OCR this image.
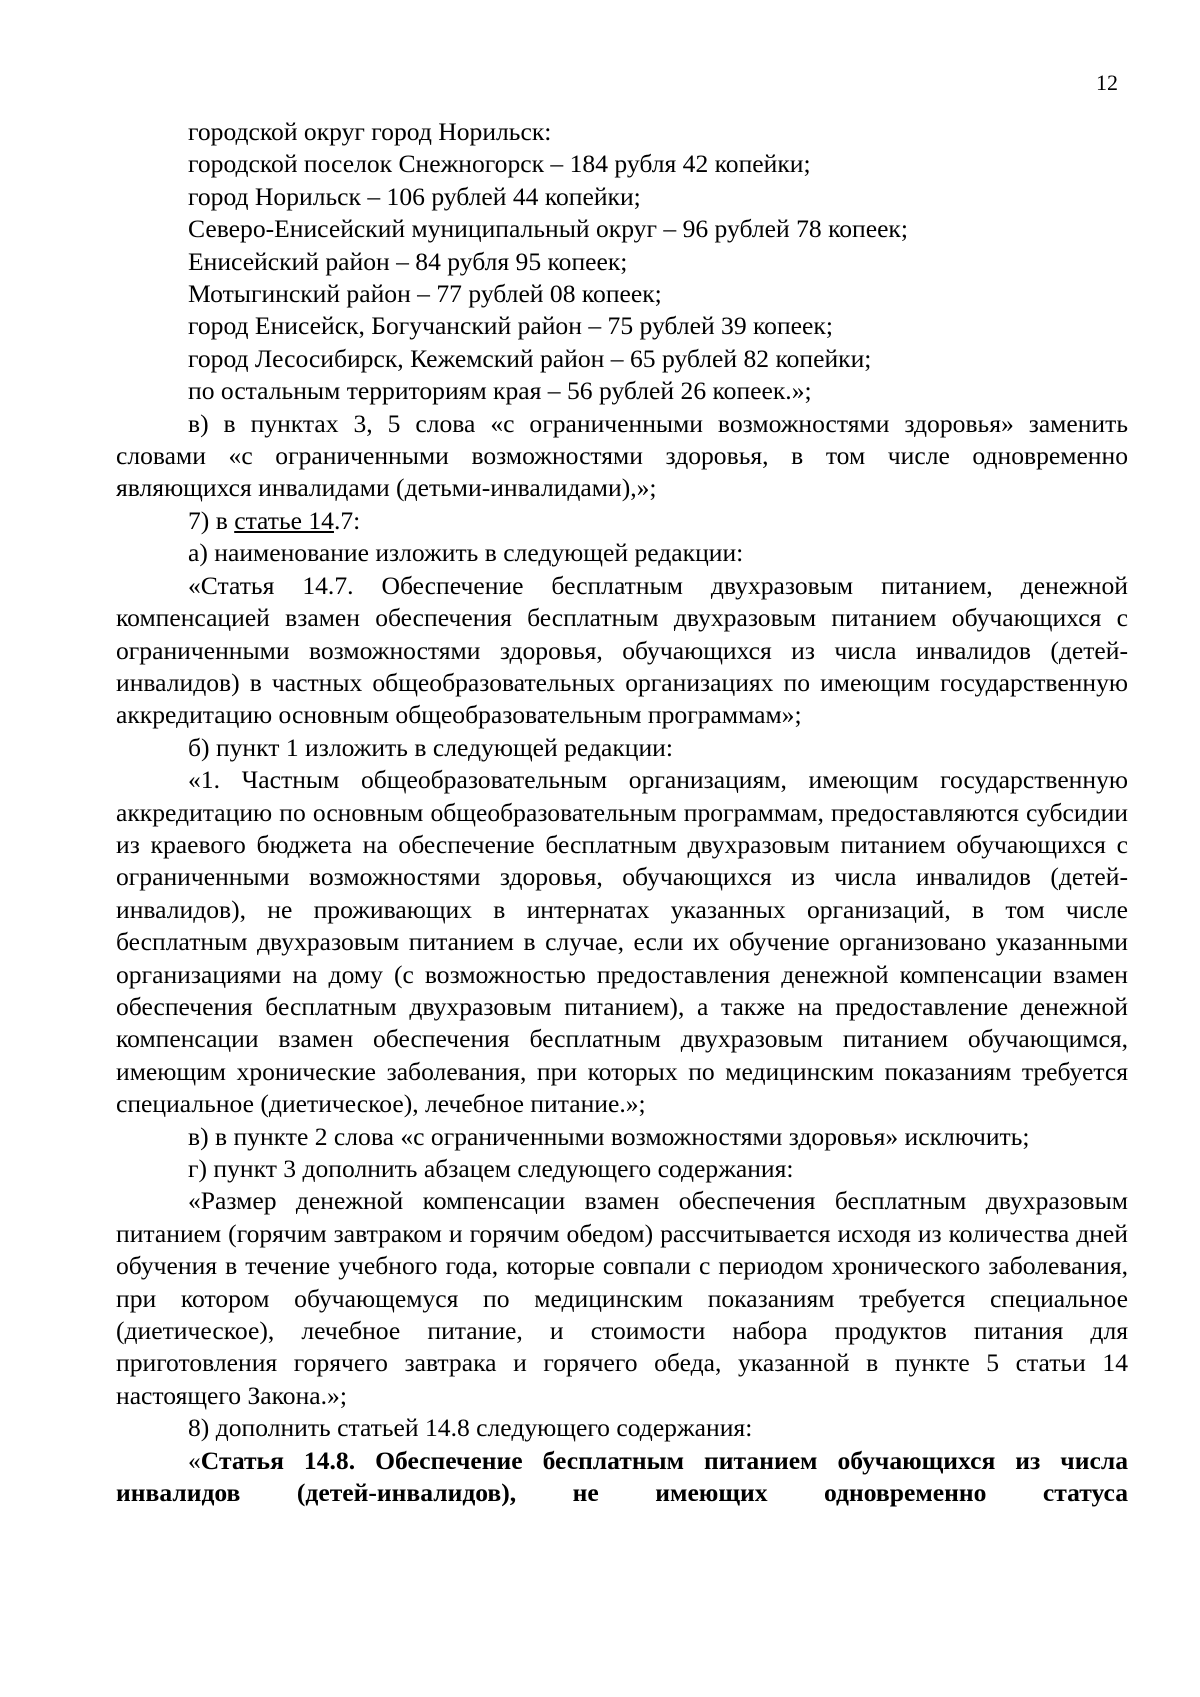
12

городской округ город Норильск:

городской поселок Снежногорск – 184 рубля 42 копейки;

город Норильск – 106 рублей 44 копейки;

Северо-Енисейский муниципальный округ – 96 рублей 78 копеек;

Енисейский район – 84 рубля 95 копеек;

Мотыгинский район – 77 рублей 08 копеек;

город Енисейск, Богучанский район – 75 рублей 39 копеек;

город Лесосибирск, Кежемский район – 65 рублей 82 копейки;

по остальным территориям края – 56 рублей 26 копеек.»;

в) в пунктах 3, 5 слова «с ограниченными возможностями здоровья» заменить словами «с ограниченными возможностями здоровья, в том числе одновременно являющихся инвалидами (детьми-инвалидами),»;

7) в статье 14.7:

а) наименование изложить в следующей редакции:

«Статья 14.7. Обеспечение бесплатным двухразовым питанием, денежной компенсацией взамен обеспечения бесплатным двухразовым питанием обучающихся с ограниченными возможностями здоровья, обучающихся из числа инвалидов (детей-инвалидов) в частных общеобразовательных организациях по имеющим государственную аккредитацию основным общеобразовательным программам»;

б) пункт 1 изложить в следующей редакции:

«1. Частным общеобразовательным организациям, имеющим государственную аккредитацию по основным общеобразовательным программам, предоставляются субсидии из краевого бюджета на обеспечение бесплатным двухразовым питанием обучающихся с ограниченными возможностями здоровья, обучающихся из числа инвалидов (детей-инвалидов), не проживающих в интернатах указанных организаций, в том числе бесплатным двухразовым питанием в случае, если их обучение организовано указанными организациями на дому (с возможностью предоставления денежной компенсации взамен обеспечения бесплатным двухразовым питанием), а также на предоставление денежной компенсации взамен обеспечения бесплатным двухразовым питанием обучающимся, имеющим хронические заболевания, при которых по медицинским показаниям требуется специальное (диетическое), лечебное питание.»;

в) в пункте 2 слова «с ограниченными возможностями здоровья» исключить;

г) пункт 3 дополнить абзацем следующего содержания:

«Размер денежной компенсации взамен обеспечения бесплатным двухразовым питанием (горячим завтраком и горячим обедом) рассчитывается исходя из количества дней обучения в течение учебного года, которые совпали с периодом хронического заболевания, при котором обучающемуся по медицинским показаниям требуется специальное (диетическое), лечебное питание, и стоимости набора продуктов питания для приготовления горячего завтрака и горячего обеда, указанной в пункте 5 статьи 14 настоящего Закона.»;

8) дополнить статьей 14.8 следующего содержания:

«Статья 14.8. Обеспечение бесплатным питанием обучающихся из числа инвалидов (детей-инвалидов), не имеющих одновременно статуса
